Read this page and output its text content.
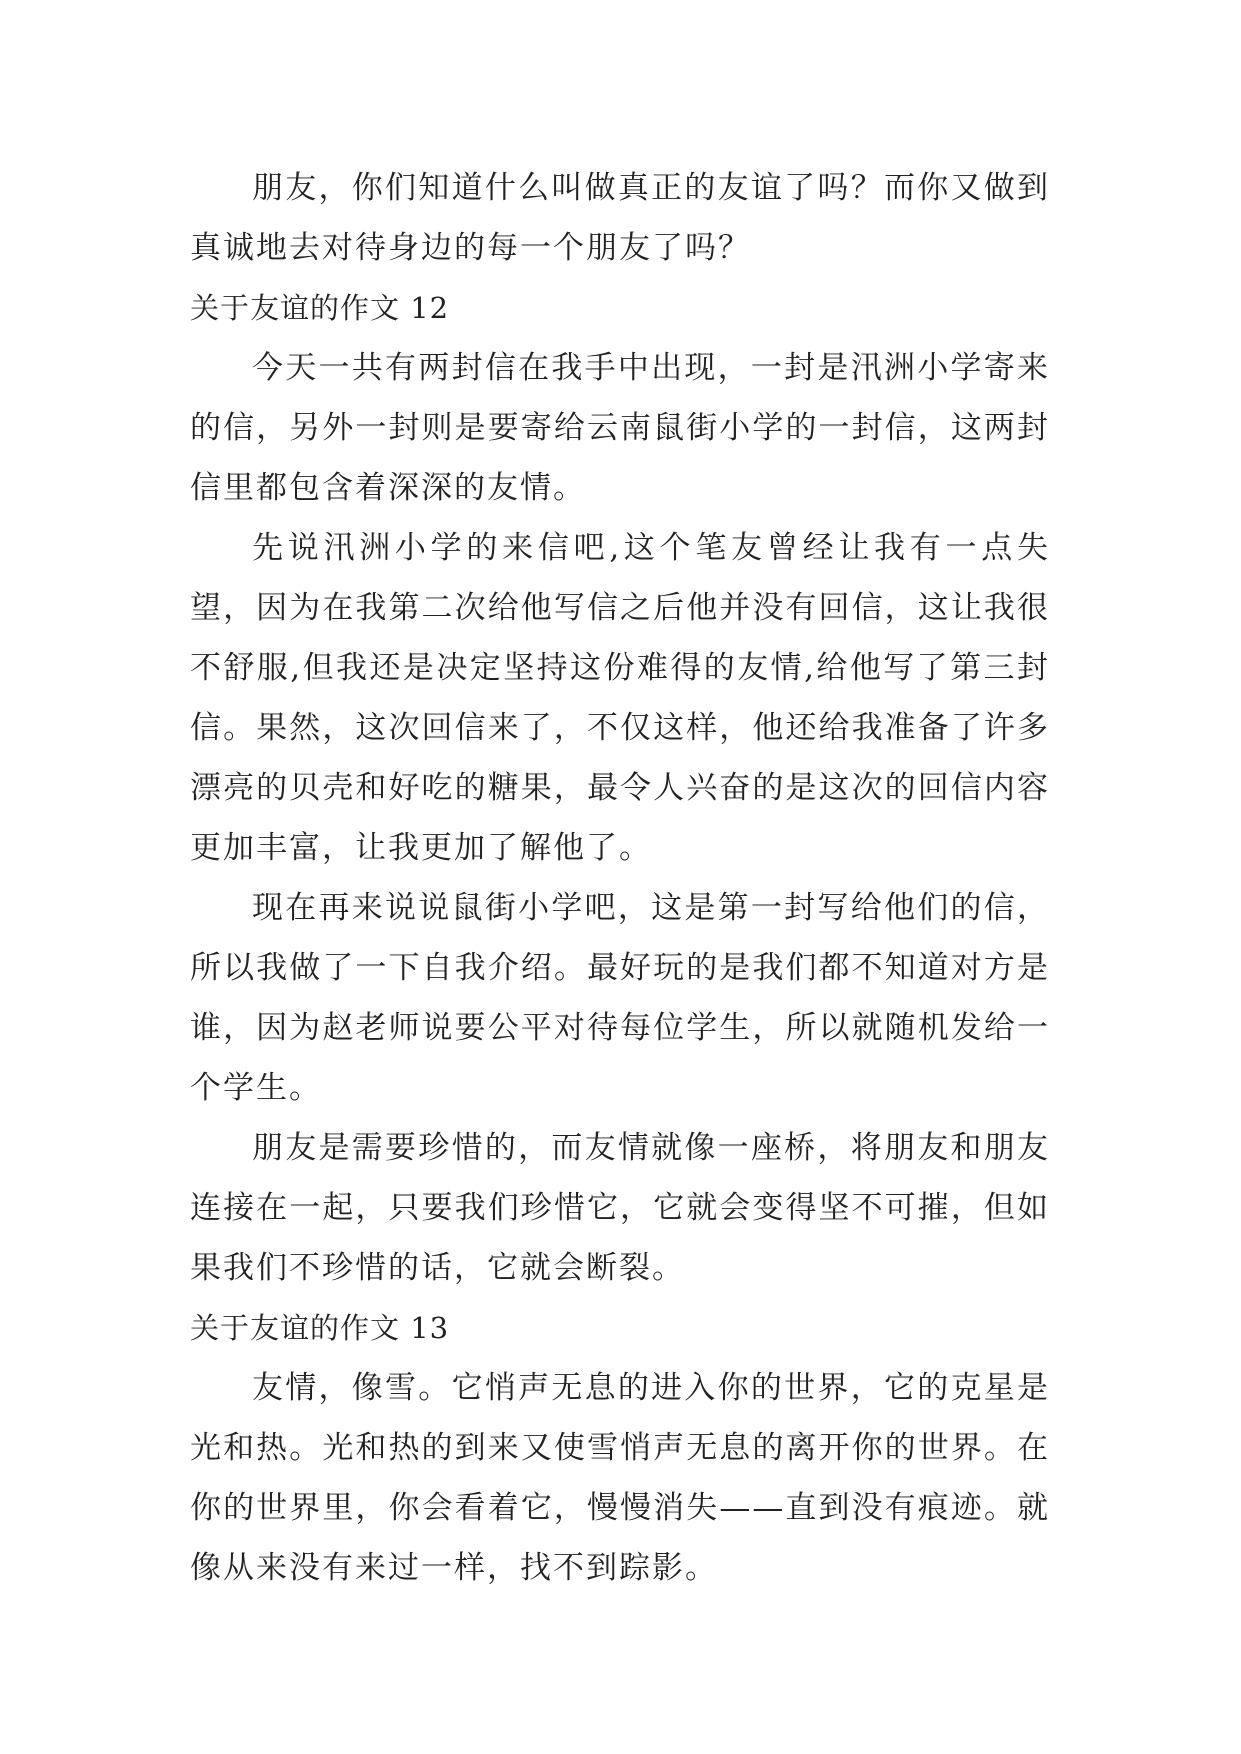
朋友，你们知道什么叫做真正的友谊了吗？而你又做到真诚地去对待身边的每一个朋友了吗？

关于友谊的作文 12

今天一共有两封信在我手中出现，一封是汛洲小学寄来的信，另外一封则是要寄给云南鼠街小学的一封信，这两封信里都包含着深深的友情。

先说汛洲小学的来信吧,这个笔友曾经让我有一点失望，因为在我第二次给他写信之后他并没有回信，这让我很不舒服,但我还是决定坚持这份难得的友情,给他写了第三封信。果然，这次回信来了，不仅这样，他还给我准备了许多漂亮的贝壳和好吃的糖果，最令人兴奋的是这次的回信内容更加丰富，让我更加了解他了。

现在再来说说鼠街小学吧，这是第一封写给他们的信，所以我做了一下自我介绍。最好玩的是我们都不知道对方是谁，因为赵老师说要公平对待每位学生，所以就随机发给一个学生。

朋友是需要珍惜的，而友情就像一座桥，将朋友和朋友连接在一起，只要我们珍惜它，它就会变得坚不可摧，但如果我们不珍惜的话，它就会断裂。

关于友谊的作文 13

友情，像雪。它悄声无息的进入你的世界，它的克星是光和热。光和热的到来又使雪悄声无息的离开你的世界。在你的世界里，你会看着它，慢慢消失——直到没有痕迹。就像从来没有来过一样，找不到踪影。
